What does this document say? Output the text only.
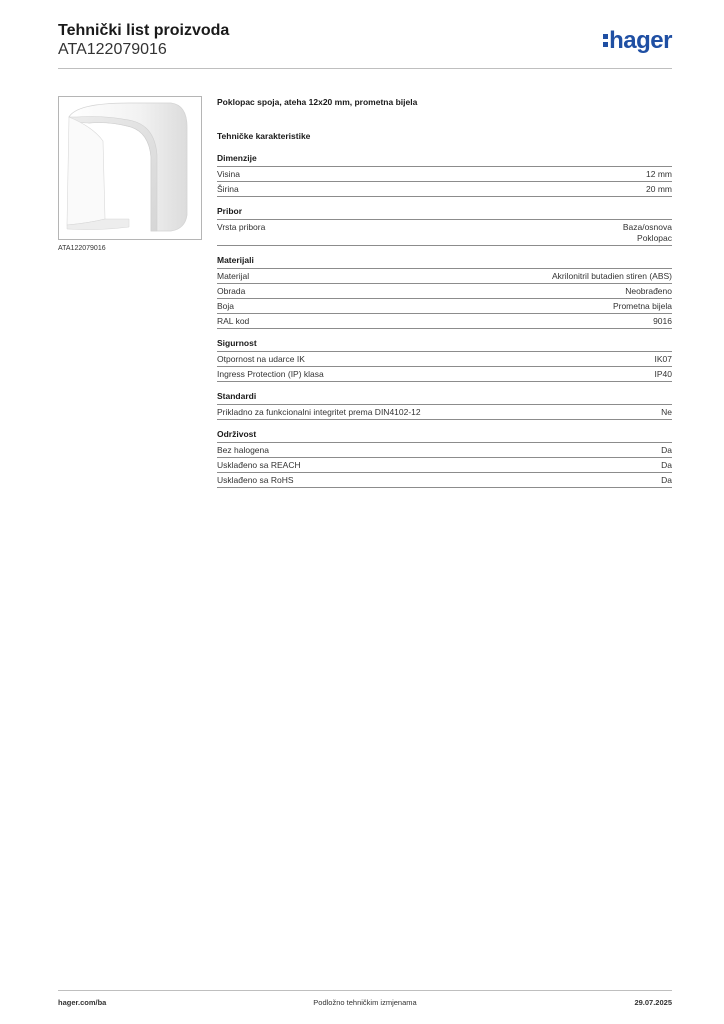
Tehnički list proizvoda
ATA122079016	hager
ATA122079016
Poklopac spoja, ateha 12x20 mm, prometna bijela
Tehničke karakteristike
Dimenzije
Visina	12 mm
Širina	20 mm
Pribor
Vrsta pribora	Baza/osnova
Poklopac
Materijali
Materijal	Akrilonitril butadien stiren (ABS)
Obrada	Neobrađeno
Boja	Prometna bijela
RAL kod	9016
Sigurnost
Otpornost na udarce IK	IK07
Ingress Protection (IP) klasa	IP40
Standardi
Prikladno za funkcionalni integritet prema DIN4102-12	Ne
Održivost
Bez halogena	Da
Usklađeno sa REACH	Da
Usklađeno sa RoHS	Da
hager.com/ba	Podložno tehničkim izmjenama	29.07.2025
